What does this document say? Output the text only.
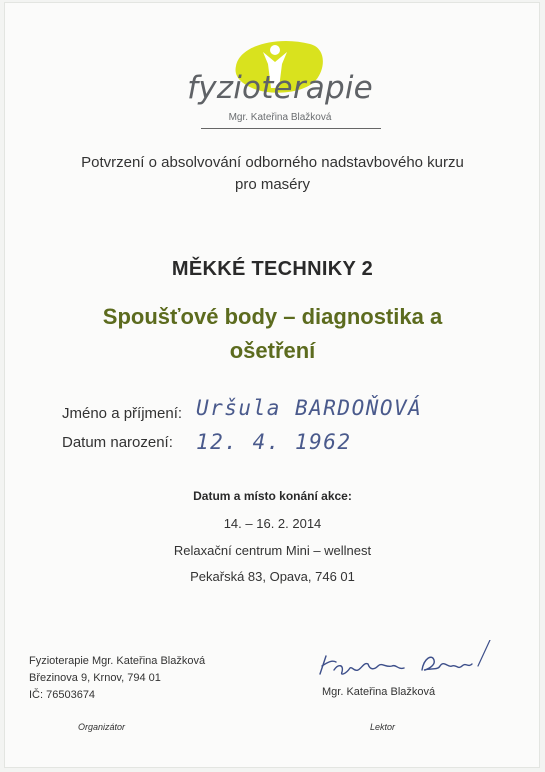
fyzioterapie
Mgr. Kateřina Blažková
Potvrzení o absolvování odborného nadstavbového kurzu
pro maséry
MĚKKÉ TECHNIKY 2
Spoušťové body – diagnostika a
ošetření
Jméno a příjmení: Uršula BARDOŇOVÁ
Datum narození: 12. 4. 1962
Datum a místo konání akce:
14. – 16. 2. 2014
Relaxační centrum Mini – wellnest
Pekařská 83, Opava, 746 01
Fyzioterapie Mgr. Kateřina Blažková
Březinova 9, Krnov, 794 01
IČ: 76503674
Organizátor
Mgr. Kateřina Blažková
Lektor
